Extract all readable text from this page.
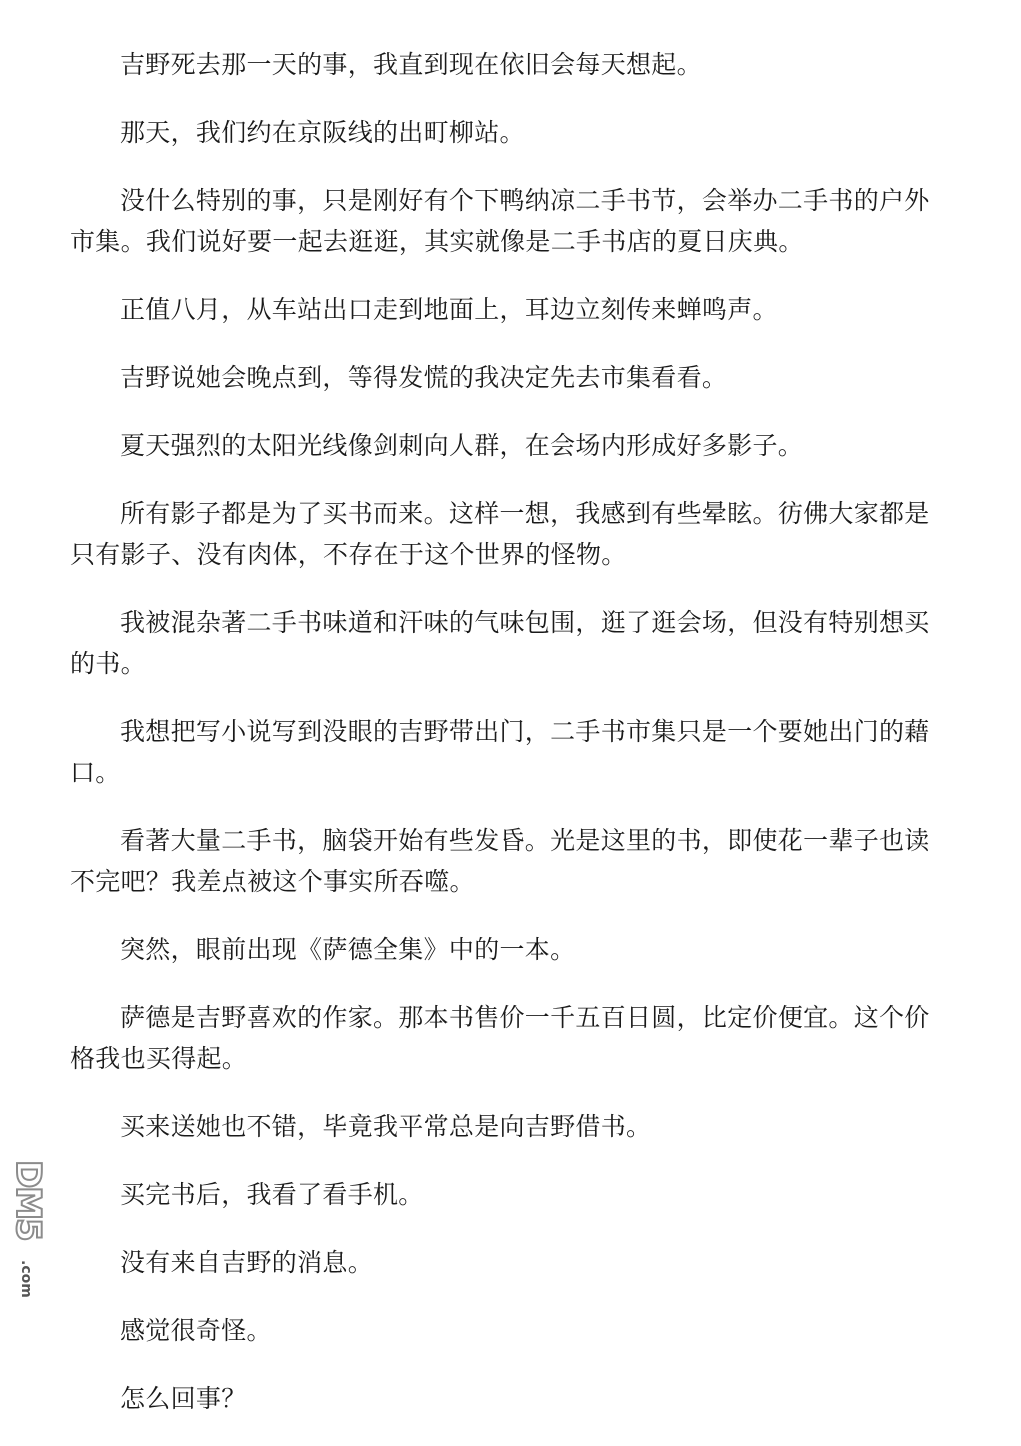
吉野死去那一天的事，我直到现在依旧会每天想起。

那天，我们约在京阪线的出町柳站。

没什么特别的事，只是刚好有个下鸭纳凉二手书节，会举办二手书的户外市集。我们说好要一起去逛逛，其实就像是二手书店的夏日庆典。

正值八月，从车站出口走到地面上，耳边立刻传来蝉鸣声。

吉野说她会晚点到，等得发慌的我决定先去市集看看。

夏天强烈的太阳光线像剑刺向人群，在会场内形成好多影子。

所有影子都是为了买书而来。这样一想，我感到有些晕眩。彷佛大家都是只有影子、没有肉体，不存在于这个世界的怪物。

我被混杂著二手书味道和汗味的气味包围，逛了逛会场，但没有特别想买的书。

我想把写小说写到没眼的吉野带出门，二手书市集只是一个要她出门的藉口。

看著大量二手书，脑袋开始有些发昏。光是这里的书，即使花一辈子也读不完吧？我差点被这个事实所吞噬。

突然，眼前出现《萨德全集》中的一本。

萨德是吉野喜欢的作家。那本书售价一千五百日圆，比定价便宜。这个价格我也买得起。

买来送她也不错，毕竟我平常总是向吉野借书。

买完书后，我看了看手机。

没有来自吉野的消息。

感觉很奇怪。

怎么回事？

DM5
.com
